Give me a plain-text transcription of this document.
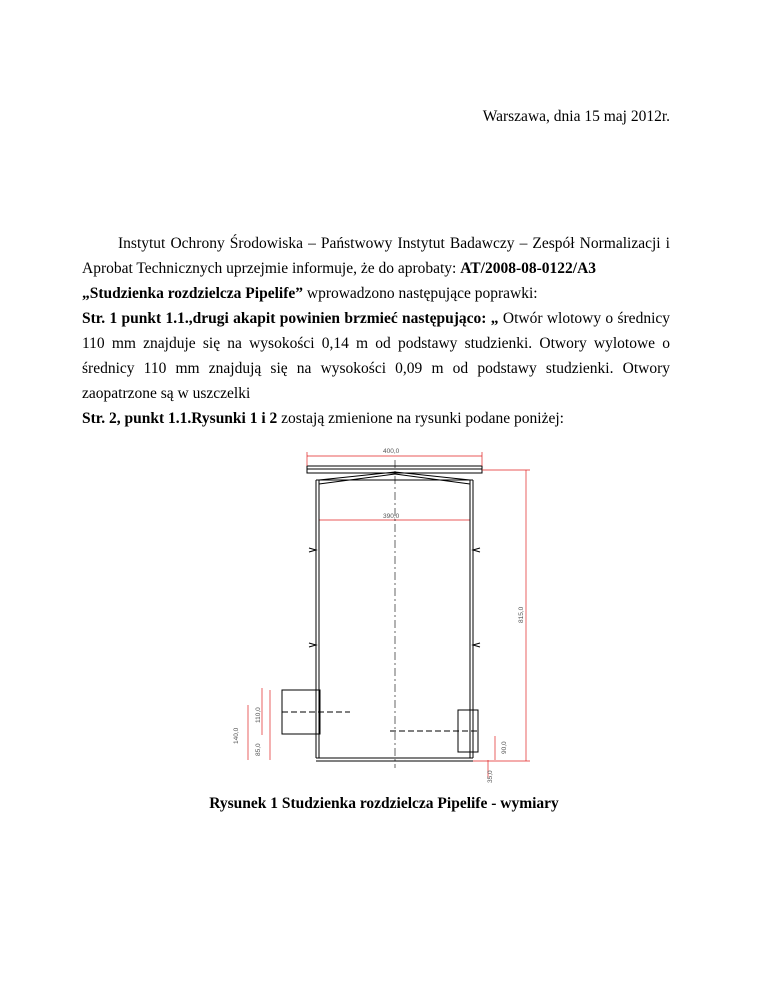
Warszawa, dnia 15 maj 2012r.

Instytut Ochrony Środowiska – Państwowy Instytut Badawczy – Zespół Normalizacji i Aprobat Technicznych uprzejmie informuje, że do aprobaty: AT/2008-08-0122/A3
„Studzienka rozdzielcza Pipelife” wprowadzono następujące poprawki:

Str. 1 punkt 1.1.,drugi akapit powinien brzmieć następująco: „ Otwór wlotowy o średnicy 110 mm znajduje się na wysokości 0,14 m od podstawy studzienki. Otwory wylotowe o średnicy 110 mm znajdują się na wysokości 0,09 m od podstawy studzienki. Otwory zaopatrzone są w uszczelki

Str. 2, punkt 1.1.Rysunki 1 i 2 zostają zmienione na rysunki podane poniżej:

400,0
390,0
815,0
110,0
140,0
85,0	90,0
35,0
Rysunek 1 Studzienka rozdzielcza Pipelife - wymiary
